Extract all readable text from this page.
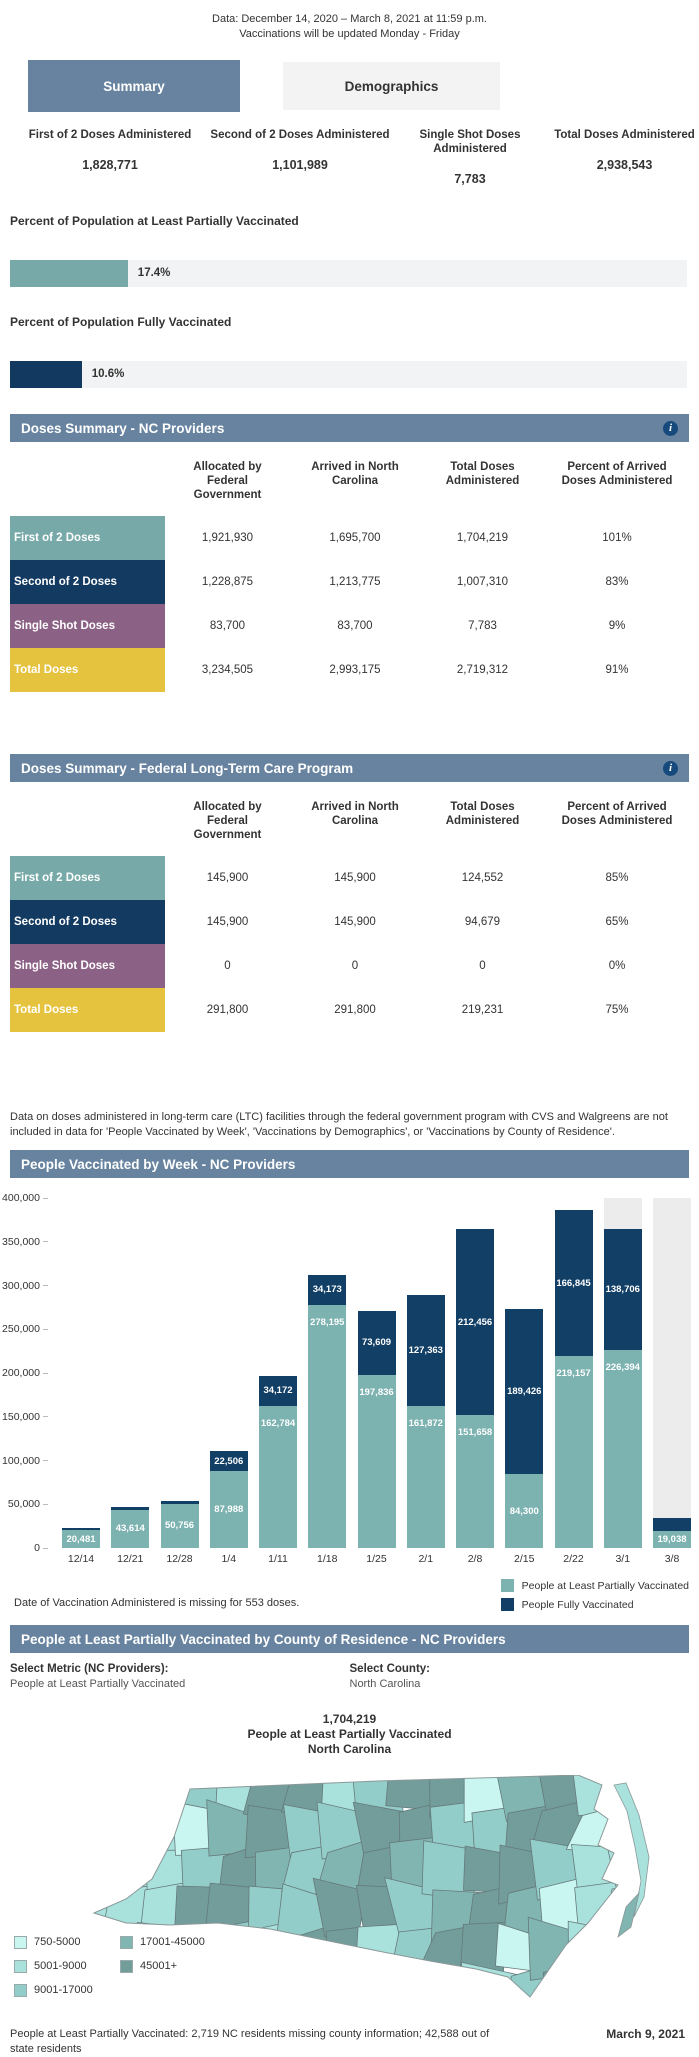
Data: December 14, 2020 – March 8, 2021 at 11:59 p.m.
Vaccinations will be updated Monday - Friday
Summary	Demographics
First of 2 Doses Administered
1,828,771
Second of 2 Doses Administered
1,101,989
Single Shot Doses Administered
7,783
Total Doses Administered
2,938,543
Percent of Population at Least Partially Vaccinated
17.4%
Percent of Population Fully Vaccinated
10.6%
Doses Summary - NC Providers	i
Allocated by Federal Government
Arrived in North Carolina
Total Doses Administered
Percent of Arrived Doses Administered
First of 2 Doses	1,921,930	1,695,700	1,704,219	101%
Second of 2 Doses	1,228,875	1,213,775	1,007,310	83%
Single Shot Doses	83,700	83,700	7,783	9%
Total Doses	3,234,505	2,993,175	2,719,312	91%
Doses Summary - Federal Long-Term Care Program	i
Allocated by Federal Government
Arrived in North Carolina
Total Doses Administered
Percent of Arrived Doses Administered
First of 2 Doses	145,900	145,900	124,552	85%
Second of 2 Doses	145,900	145,900	94,679	65%
Single Shot Doses	0	0	0	0%
Total Doses	291,800	291,800	219,231	75%
Data on doses administered in long-term care (LTC) facilities through the federal government program with CVS and Walgreens are not included in data for 'People Vaccinated by Week', 'Vaccinations by Demographics', or 'Vaccinations by County of Residence'.
People Vaccinated by Week - NC Providers
400,000
350,000
300,000
250,000
200,000
150,000
100,000
50,000
0
20,481
43,614 50,756
22,506
87,988
34,172
162,784
34,173
278,195
73,609
197,836
127,363
161,872
212,456
151,658
189,426
84,300
166,845
219,157
138,706
226,394
19,038
12/14	12/21	12/28	1/4	1/11	1/18	1/25	2/1	2/8	2/15	2/22	3/1	3/8
Date of Vaccination Administered is missing for 553 doses.
People at Least Partially Vaccinated
People Fully Vaccinated
People at Least Partially Vaccinated by County of Residence - NC Providers
Select Metric (NC Providers):
People at Least Partially Vaccinated
Select County:
North Carolina
1,704,219
People at Least Partially Vaccinated
North Carolina
750-5000
5001-9000
9001-17000
17001-45000
45001+
People at Least Partially Vaccinated: 2,719 NC residents missing county information; 42,588 out of state residents
March 9, 2021
